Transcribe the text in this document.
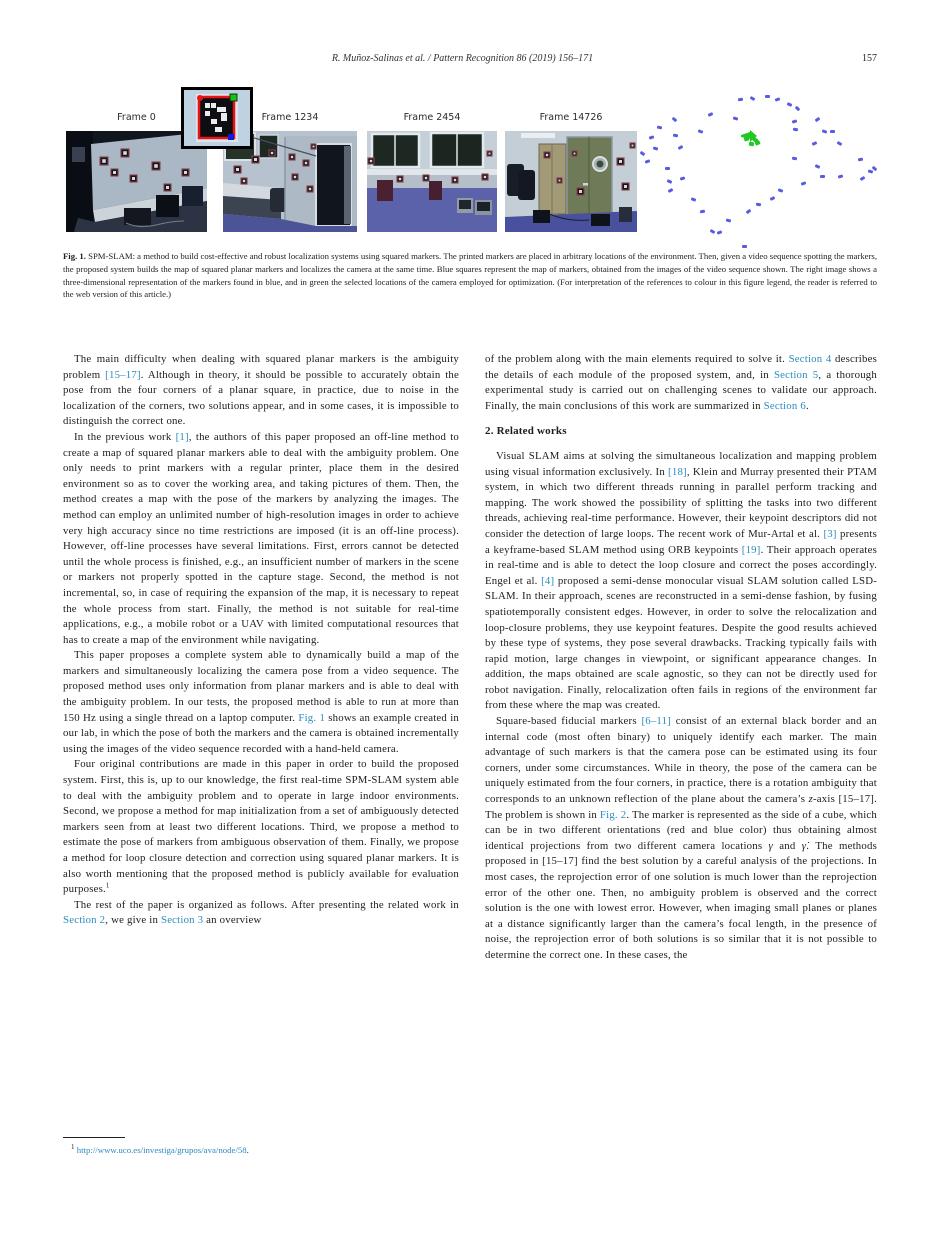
R. Muñoz-Salinas et al. / Pattern Recognition 86 (2019) 156–171	157
Frame 0	Frame 1234	Frame 2454	Frame 14726

Fig. 1. SPM-SLAM: a method to build cost-effective and robust localization systems using squared markers. The printed markers are placed in arbitrary locations of the environment. Then, given a video sequence spotting the markers, the proposed system builds the map of squared planar markers and localizes the camera at the same time. Blue squares represent the map of markers, obtained from the images of the video sequence shown. The right image shows a three-dimensional representation of the markers found in blue, and in green the selected locations of the camera employed for optimization. (For interpretation of the references to colour in this figure legend, the reader is referred to the web version of this article.)

The main difficulty when dealing with squared planar markers is the ambiguity problem [15–17]. Although in theory, it should be possible to accurately obtain the pose from the four corners of a planar square, in practice, due to noise in the localization of the corners, two solutions appear, and in some cases, it is impossible to distinguish the correct one.

In the previous work [1], the authors of this paper proposed an off-line method to create a map of squared planar markers able to deal with the ambiguity problem. One only needs to print markers with a regular printer, place them in the desired environment so as to cover the working area, and taking pictures of them. Then, the method creates a map with the pose of the markers by analyzing the images. The method can employ an unlimited number of high-resolution images in order to achieve very high accuracy since no time restrictions are imposed (it is an off-line process). However, off-line processes have several limitations. First, errors cannot be detected until the whole process is finished, e.g., an insufficient number of markers in the scene or markers not properly spotted in the capture stage. Second, the method is not incremental, so, in case of requiring the expansion of the map, it is necessary to repeat the whole process from start. Finally, the method is not suitable for real-time applications, e.g., a mobile robot or a UAV with limited computational resources that has to create a map of the environment while navigating.

This paper proposes a complete system able to dynamically build a map of the markers and simultaneously localizing the camera pose from a video sequence. The proposed method uses only information from planar markers and is able to deal with the ambiguity problem. In our tests, the proposed method is able to run at more than 150 Hz using a single thread on a laptop computer. Fig. 1 shows an example created in our lab, in which the pose of both the markers and the camera is obtained incrementally using the images of the video sequence recorded with a hand-held camera.

Four original contributions are made in this paper in order to build the proposed system. First, this is, up to our knowledge, the first real-time SPM-SLAM system able to deal with the ambiguity problem and to operate in large indoor environments. Second, we propose a method for map initialization from a set of ambiguously detected markers seen from at least two different locations. Third, we propose a method to estimate the pose of markers from ambiguous observation of them. Finally, we propose a method for loop closure detection and correction using squared planar markers. It is also worth mentioning that the proposed method is publicly available for evaluation purposes.$^1$

The rest of the paper is organized as follows. After presenting the related work in Section 2, we give in Section 3 an overview

of the problem along with the main elements required to solve it. Section 4 describes the details of each module of the proposed system, and, in Section 5, a thorough experimental study is carried out on challenging scenes to validate our approach. Finally, the main conclusions of this work are summarized in Section 6.

2. Related works

Visual SLAM aims at solving the simultaneous localization and mapping problem using visual information exclusively. In [18], Klein and Murray presented their PTAM system, in which two different threads running in parallel perform tracking and mapping. The work showed the possibility of splitting the tasks into two different threads, achieving real-time performance. However, their keypoint descriptors did not consider the detection of large loops. The recent work of Mur-Artal et al. [3] presents a keyframe-based SLAM method using ORB keypoints [19]. Their approach operates in real-time and is able to detect the loop closure and correct the poses accordingly. Engel et al. [4] proposed a semi-dense monocular visual SLAM solution called LSD-SLAM. In their approach, scenes are reconstructed in a semi-dense fashion, by fusing spatiotemporally consistent edges. However, in order to solve the relocalization and loop-closure problems, they use keypoint features. Despite the good results achieved by these type of systems, they pose several drawbacks. Tracking typically fails with rapid motion, large changes in viewpoint, or significant appearance changes. In addition, the maps obtained are scale agnostic, so they can not be directly used for robot navigation. Finally, relocalization often fails in regions of the environment far from these where the map was created.

Square-based fiducial markers [6–11] consist of an external black border and an internal code (most often binary) to uniquely identify each marker. The main advantage of such markers is that the camera pose can be estimated using its four corners, under some circumstances. While in theory, the pose of the camera can be uniquely estimated from the four corners, in practice, there is a rotation ambiguity that corresponds to an unknown reflection of the plane about the camera’s z-axis [15–17]. The problem is shown in Fig. 2. The marker is represented as the side of a cube, which can be in two different orientations (red and blue color) thus obtaining almost identical projections from two different camera locations γ and γ̇. The methods proposed in [15–17] find the best solution by a careful analysis of the projections. In most cases, the reprojection error of one solution is much lower than the reprojection error of the other one. Then, no ambiguity problem is observed and the correct solution is the one with lowest error. However, when imaging small planes or planes at a distance significantly larger than the camera’s focal length, in the presence of noise, the reprojection error of both solutions is so similar that it is not possible to determine the correct one. In these cases, the

$^1$ http://www.uco.es/investiga/grupos/ava/node/58.
